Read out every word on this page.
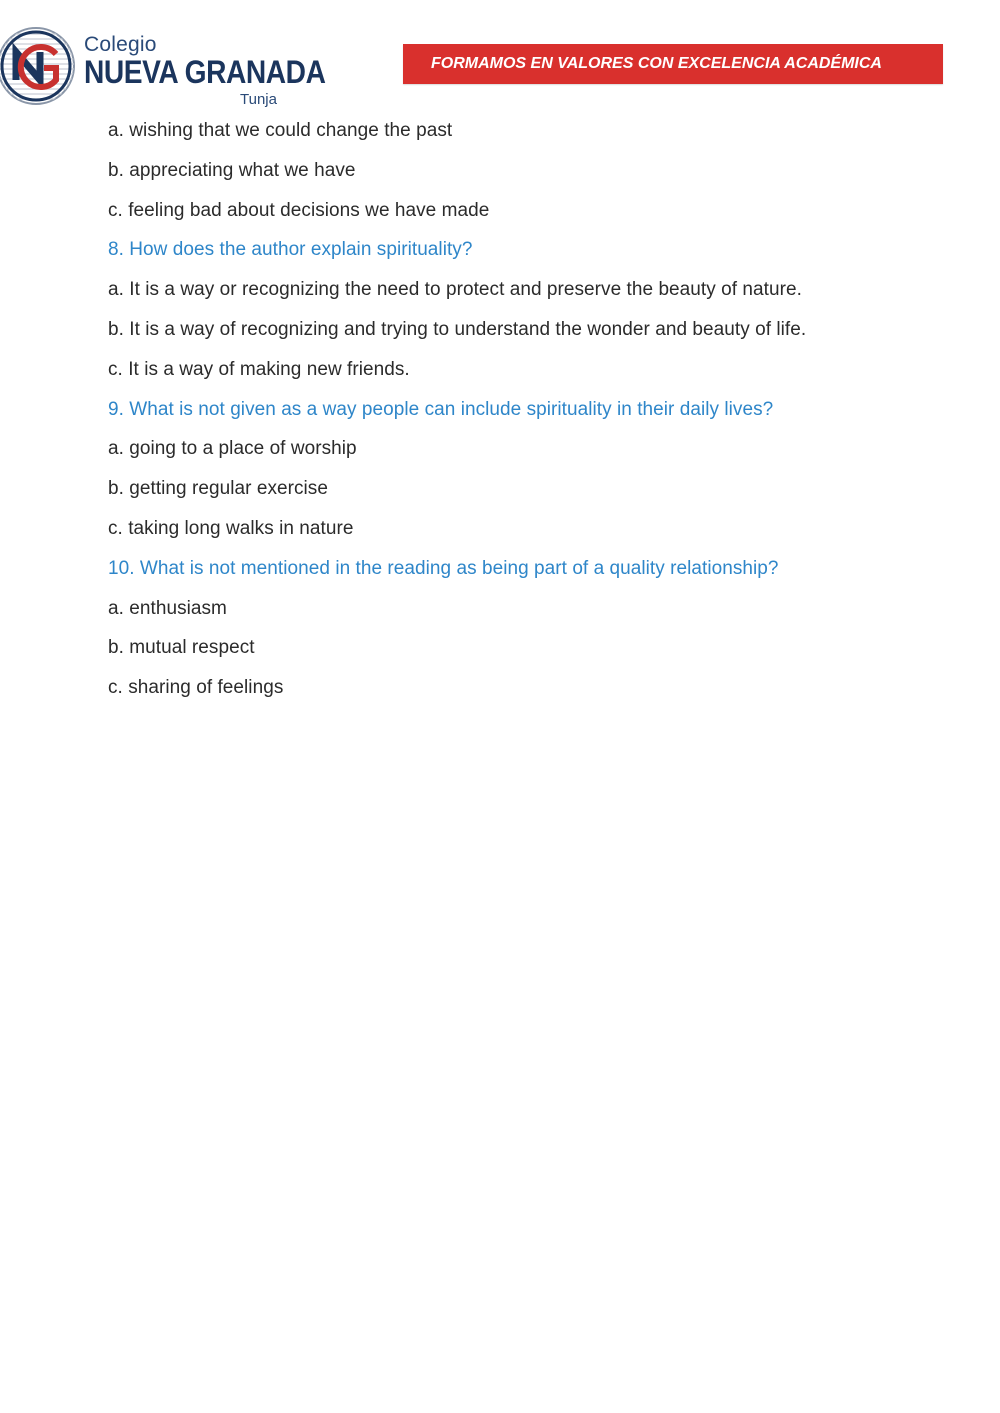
Colegio
NUEVA GRANADA
Tunja
FORMAMOS EN VALORES CON EXCELENCIA ACADÉMICA
a. wishing that we could change the past
b. appreciating what we have
c. feeling bad about decisions we have made
8. How does the author explain spirituality?
a. It is a way or recognizing the need to protect and preserve the beauty of nature.
b. It is a way of recognizing and trying to understand the wonder and beauty of life.
c. It is a way of making new friends.
9. What is not given as a way people can include spirituality in their daily lives?
a. going to a place of worship
b. getting regular exercise
c. taking long walks in nature
10. What is not mentioned in the reading as being part of a quality relationship?
a. enthusiasm
b. mutual respect
c. sharing of feelings
